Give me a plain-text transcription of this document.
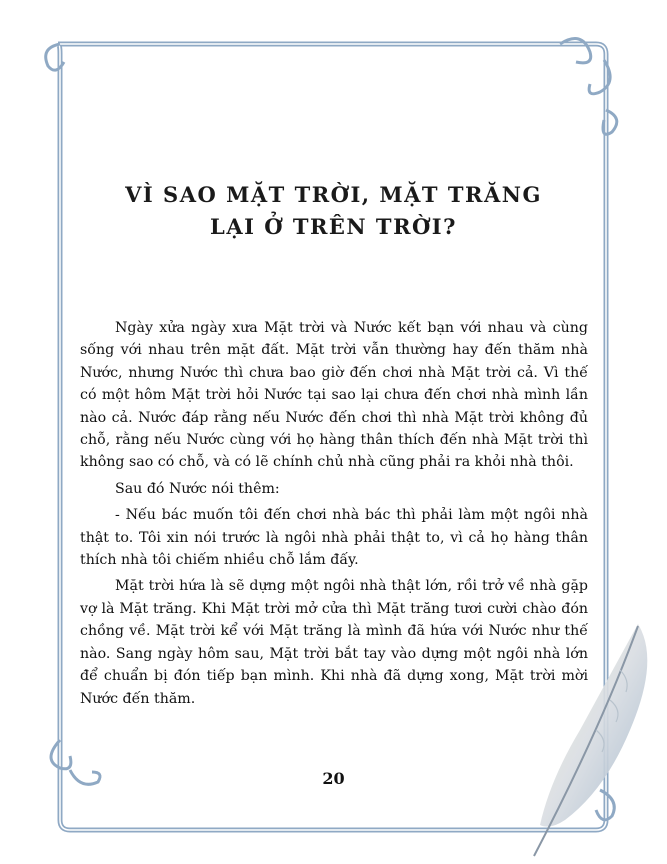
VÌ SAO MẶT TRỜI, MẶT TRĂNG
LẠI Ở TRÊN TRỜI?

Ngày xửa ngày xưa Mặt trời và Nước kết bạn với nhau và cùng sống với nhau trên mặt đất. Mặt trời vẫn thường hay đến thăm nhà Nước, nhưng Nước thì chưa bao giờ đến chơi nhà Mặt trời cả. Vì thế có một hôm Mặt trời hỏi Nước tại sao lại chưa đến chơi nhà mình lần nào cả. Nước đáp rằng nếu Nước đến chơi thì nhà Mặt trời không đủ chỗ, rằng nếu Nước cùng với họ hàng thân thích đến nhà Mặt trời thì không sao có chỗ, và có lẽ chính chủ nhà cũng phải ra khỏi nhà thôi.

Sau đó Nước nói thêm:

- Nếu bác muốn tôi đến chơi nhà bác thì phải làm một ngôi nhà thật to. Tôi xin nói trước là ngôi nhà phải thật to, vì cả họ hàng thân thích nhà tôi chiếm nhiều chỗ lắm đấy.

Mặt trời hứa là sẽ dựng một ngôi nhà thật lớn, rồi trở về nhà gặp vợ là Mặt trăng. Khi Mặt trời mở cửa thì Mặt trăng tươi cười chào đón chồng về. Mặt trời kể với Mặt trăng là mình đã hứa với Nước như thế nào. Sang ngày hôm sau, Mặt trời bắt tay vào dựng một ngôi nhà lớn để chuẩn bị đón tiếp bạn mình. Khi nhà đã dựng xong, Mặt trời mời Nước đến thăm.

20
